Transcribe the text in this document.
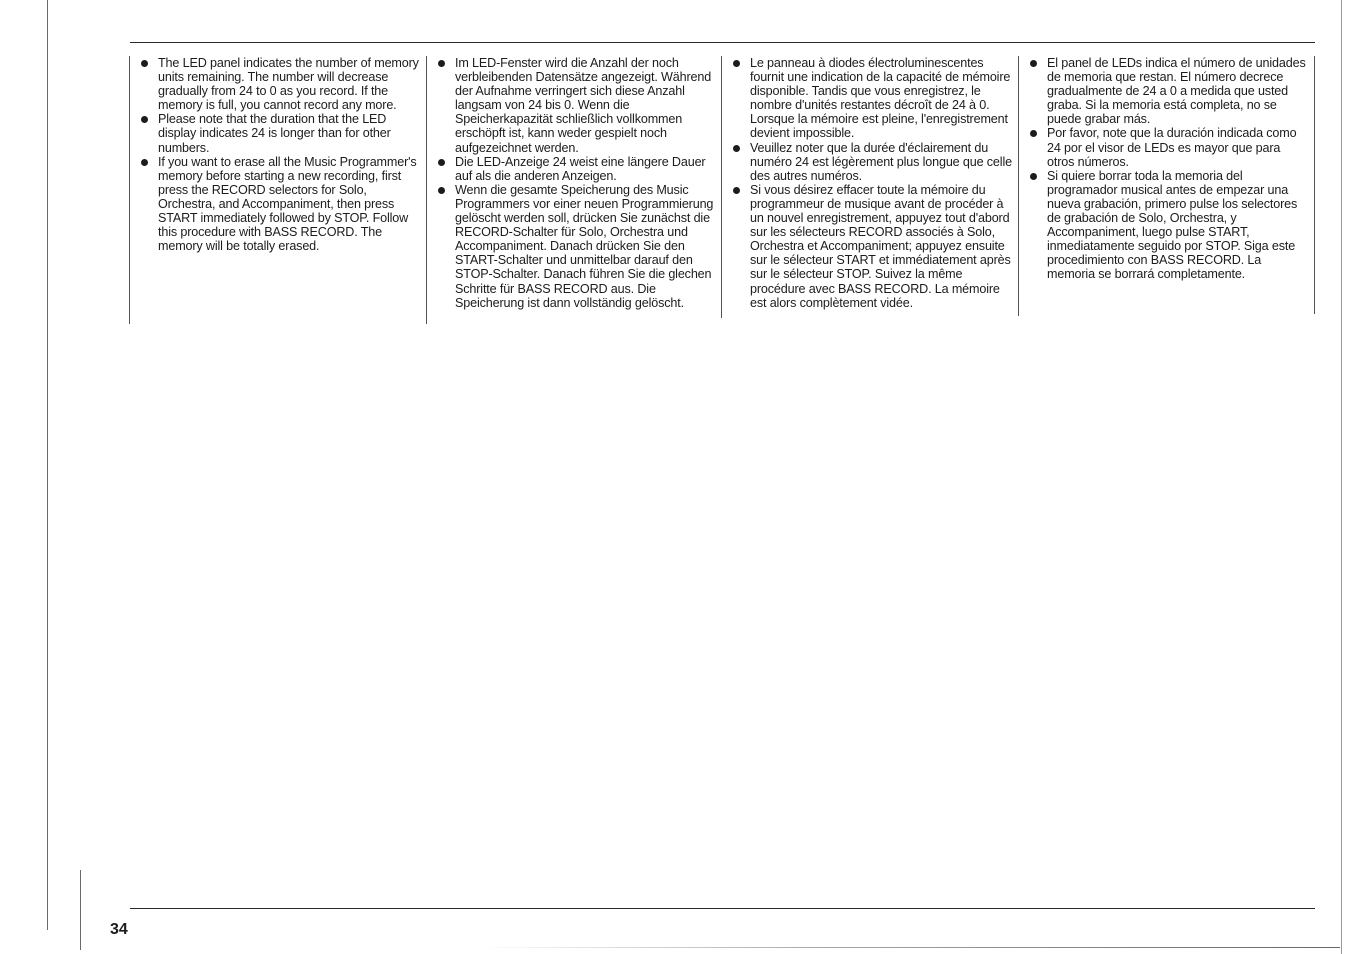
The LED panel indicates the number of memory units remaining. The number will decrease gradually from 24 to 0 as you record. If the memory is full, you cannot record any more.
Please note that the duration that the LED display indicates 24 is longer than for other numbers.
If you want to erase all the Music Programmer's memory before starting a new recording, first press the RECORD selectors for Solo, Orchestra, and Accompaniment, then press START immediately followed by STOP. Follow this procedure with BASS RECORD. The memory will be totally erased.
Im LED-Fenster wird die Anzahl der noch verbleibenden Datensätze angezeigt. Während der Aufnahme verringert sich diese Anzahl langsam von 24 bis 0. Wenn die Speicherkapazität schließlich vollkommen erschöpft ist, kann weder gespielt noch aufgezeichnet werden.
Die LED-Anzeige 24 weist eine längere Dauer auf als die anderen Anzeigen.
Wenn die gesamte Speicherung des Music Programmers vor einer neuen Programmierung gelöscht werden soll, drücken Sie zunächst die RECORD-Schalter für Solo, Orchestra und Accompaniment. Danach drücken Sie den START-Schalter und unmittelbar darauf den STOP-Schalter. Danach führen Sie die glechen Schritte für BASS RECORD aus. Die Speicherung ist dann vollständig gelöscht.
Le panneau à diodes électroluminescentes fournit une indication de la capacité de mémoire disponible. Tandis que vous enregistrez, le nombre d'unités restantes décroît de 24 à 0. Lorsque la mémoire est pleine, l'enregistrement devient impossible.
Veuillez noter que la durée d'éclairement du numéro 24 est légèrement plus longue que celle des autres numéros.
Si vous désirez effacer toute la mémoire du programmeur de musique avant de procéder à un nouvel enregistrement, appuyez tout d'abord sur les sélecteurs RECORD associés à Solo, Orchestra et Accompaniment; appuyez ensuite sur le sélecteur START et immédiatement après sur le sélecteur STOP. Suivez la même procédure avec BASS RECORD. La mémoire est alors complètement vidée.
El panel de LEDs indica el número de unidades de memoria que restan. El número decrece gradualmente de 24 a 0 a medida que usted graba. Si la memoria está completa, no se puede grabar más.
Por favor, note que la duración indicada como 24 por el visor de LEDs es mayor que para otros números.
Si quiere borrar toda la memoria del programador musical antes de empezar una nueva grabación, primero pulse los selectores de grabación de Solo, Orchestra, y Accompaniment, luego pulse START, inmediatamente seguido por STOP. Siga este procedimiento con BASS RECORD. La memoria se borrará completamente.
34
